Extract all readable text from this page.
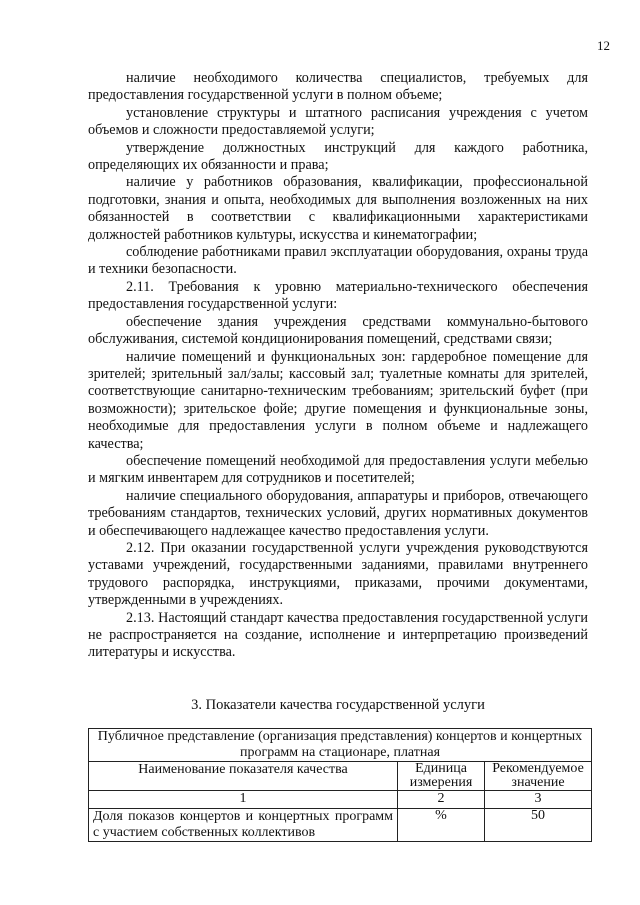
12

наличие необходимого количества специалистов, требуемых для предоставления государственной услуги в полном объеме;

установление структуры и штатного расписания учреждения с учетом объемов и сложности предоставляемой услуги;

утверждение должностных инструкций для каждого работника, определяющих их обязанности и права;

наличие у работников образования, квалификации, профессиональной подготовки, знания и опыта, необходимых для выполнения возложенных на них обязанностей в соответствии с квалификационными характеристиками должностей работников культуры, искусства и кинематографии;

соблюдение работниками правил эксплуатации оборудования, охраны труда и техники безопасности.

2.11. Требования к уровню материально-технического обеспечения предоставления государственной услуги:

обеспечение здания учреждения средствами коммунально-бытового обслуживания, системой кондиционирования помещений, средствами связи;

наличие помещений и функциональных зон: гардеробное помещение для зрителей; зрительный зал/залы; кассовый зал; туалетные комнаты для зрителей, соответствующие санитарно-техническим требованиям; зрительский буфет (при возможности); зрительское фойе; другие помещения и функциональные зоны, необходимые для предоставления услуги в полном объеме и надлежащего качества;

обеспечение помещений необходимой для предоставления услуги мебелью и мягким инвентарем для сотрудников и посетителей;

наличие специального оборудования, аппаратуры и приборов, отвечающего требованиям стандартов, технических условий, других нормативных документов и обеспечивающего надлежащее качество предоставления услуги.

2.12. При оказании государственной услуги учреждения руководствуются уставами учреждений, государственными заданиями, правилами внутреннего трудового распорядка, инструкциями, приказами, прочими документами, утвержденными в учреждениях.

2.13. Настоящий стандарт качества предоставления государственной услуги не распространяется на создание, исполнение и интерпретацию произведений литературы и искусства.

3. Показатели качества государственной услуги
Публичное представление (организация представления) концертов и концертных программ на стационаре, платная		
Наименование показателя качества	Единица измерения	Рекомендуемое значение
1	2	3
Доля показов концертов и концертных программ с участием собственных коллективов	%	50
